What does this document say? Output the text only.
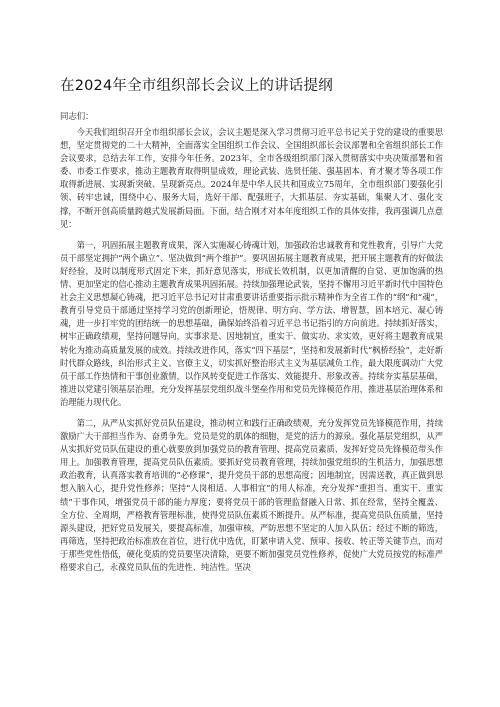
在2024年全市组织部长会议上的讲话提纲
同志们：

今天我们组织召开全市组织部长会议，会议主题是深入学习贯彻习近平总书记关于党的建设的重要思想，坚定贯彻党的二十大精神，全面落实全国组织工作会议、全国组织部长会议部署和全省组织部长工作会议要求，总结去年工作，安排今年任务。2023年，全市各级组织部门深入贯彻落实中央决策部署和省委、市委工作要求，推动主题教育取得明显成效，理论武装、选贤任能、强基固本、育才聚才等各项工作取得新进展、实现新突破、呈现新亮点。2024年是中华人民共和国成立75周年，全市组织部门要强化引领、砖牢忠诚，围绕中心、服务大局，选好干部、配强班子，大抓基层、夯实基础，集聚人才、强化支撑，不断开创高质量跨越式发展新局面。下面，结合刚才对本年度组织工作的具体安排，我再强调几点意见：

第一，巩固拓展主题教育成果，深入实施凝心铸魂计划，加强政治忠诚教育和党性教育，引导广大党员干部坚定拥护“两个确立”、坚决做到“两个维护”。要巩固拓展主题教育成果，把开展主题教育的好做法好经验，及时以制度形式固定下来，抓好意见落实，形成长效机制，以更加清醒的自觉、更加饱满的热情、更加坚定的信心推动主题教育成果巩固拓展。持续加强理论武装，坚持不懈用习近平新时代中国特色社会主义思想凝心铸魂，把习近平总书记对甘肃重要讲话重要指示批示精神作为全省工作的“纲”和“魂”，教育引导党员干部通过坚持学习党的创新理论，悟规律、明方向、学方法、增智慧，固本培元、凝心铸魂，进一步打牢党的团结统一的思想基础，确保始终沿着习近平总书记指引的方向前进。持续抓好落实，树牢正确政绩观，坚持问题导向，实事求是、因地制宜，重实干、做实功、求实效，更好将主题教育成果转化为推动高质量发展的成效。持续改进作风，落实“四下基层”，坚持和发展新时代“枫桥经验”，走好新时代群众路线，纠治形式主义、官僚主义，切实抓好整治形式主义为基层减负工作，最大限度调动广大党员干部工作热情和干事创业激情，以作风转变促进工作落实、效能提升、形象改善。持续夯实基层基础，推进以党建引领基层治理，充分发挥基层党组织战斗堡垒作用和党员先锋模范作用，推进基层治理体系和治理能力现代化。

第二，从严从实抓好党员队伍建设，推动树立和践行正确政绩观，充分发挥党员先锋模范作用，持续激励广大干部担当作为、奋勇争先。党员是党的肌体的细胞，是党的活力的源泉。强化基层党组织，从严从实抓好党员队伍建设的重心就要放到加强党员的教育管理、提高党员素质、发挥好党员先锋模范带头作用上。加强教育管理，提高党员队伍素质。要抓好党员教育管理，持续加强党组织的生机活力，加强思想政治教育，认真落实教育培训的“必修课”，提升党员干部的思想高度；因地制宜，因需送教，真正做到思想入脑入心，提升党性修养；坚持“人岗相适、人事相宜”的用人标准，充分发挥“重担当、重实干、重实绩”干事作风，增强党员干部的能力厚度；要将党员干部的管理监督融入日常、抓在经常，坚持全覆盖、全方位、全周期，严格教育管理标准，使得党员队伍素质不断提升。从严标准，提高党员队伍质量，坚持源头建设，把好党员发展关，要提高标准，加强审核，严防思想不坚定的人加入队伍；经过不断的筛选，再筛选，坚持把政治标准放在首位，进行优中选优，盯紧申请入党、预审、接收、转正等关键节点，而对于那些党性悟低，硬化变质的党员要坚决清除，更要不断加强党员党性修养，促使广大党员按党的标准严格要求自己，永葆党员队伍的先进性、纯洁性。坚决
